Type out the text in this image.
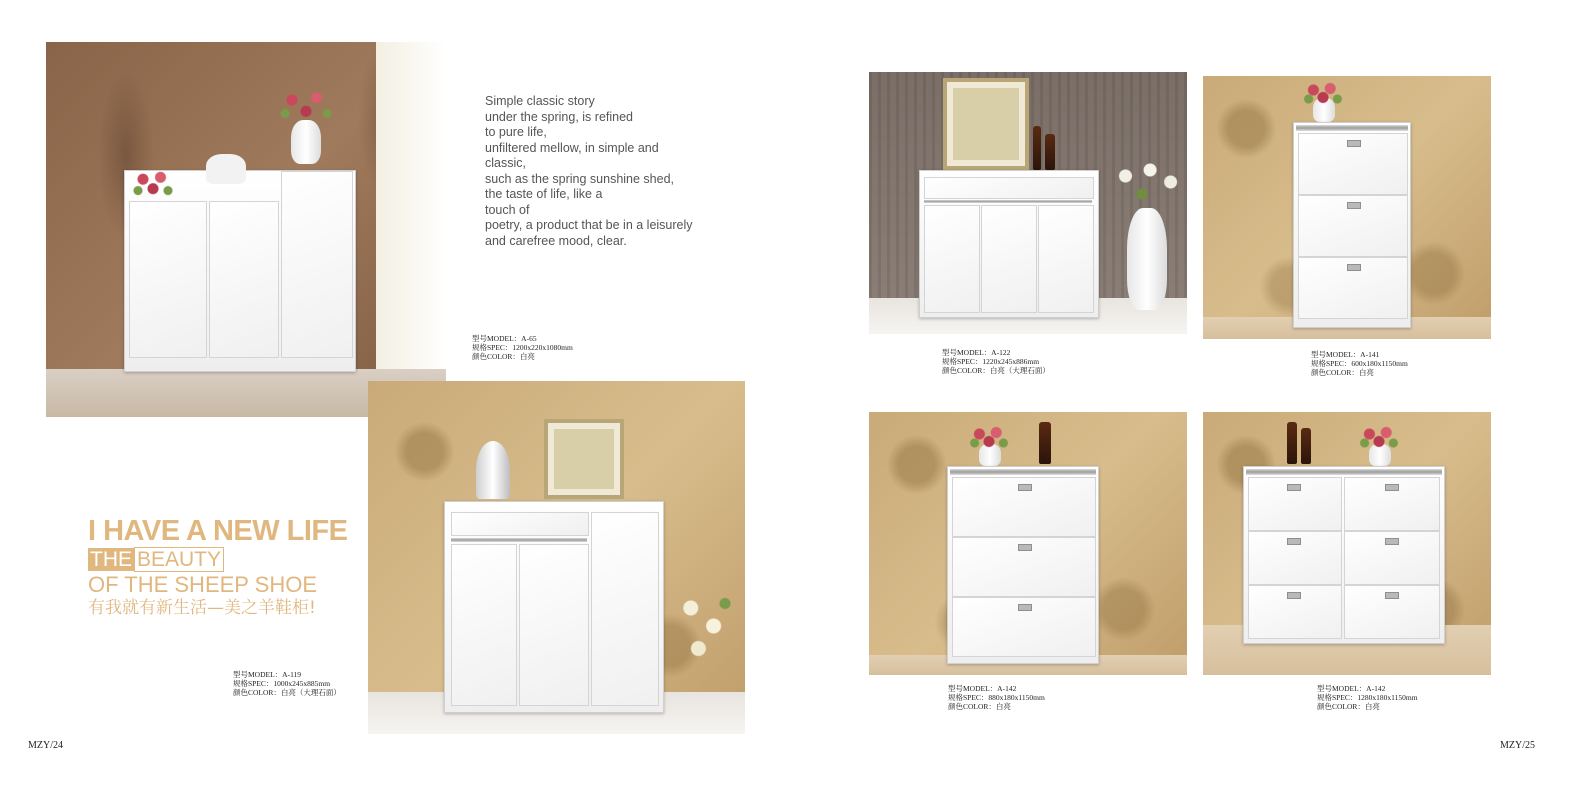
型号MODEL：A-65
规格SPEC：1200x220x1080mm
颜色COLOR：白亮
Simple classic story
under the spring, is refined
to pure life,
unfiltered mellow, in simple and
classic,
such as the spring sunshine shed,
the taste of life, like a
touch of
poetry, a product that be in a leisurely
and carefree mood, clear.
型号MODEL：A-119
规格SPEC：1000x245x885mm
颜色COLOR：白亮（大理石面）
I HAVE A NEW LIFE
THE BEAUTY
OF THE SHEEP SHOE
有我就有新生活—美之羊鞋柜!
MZY/24
型号MODEL：A-122
规格SPEC：1220x245x886mm
颜色COLOR：白亮（大理石面）
型号MODEL：A-141
规格SPEC：600x180x1150mm
颜色COLOR：白亮
型号MODEL：A-142
规格SPEC：880x180x1150mm
颜色COLOR：白亮
型号MODEL：A-142
规格SPEC：1280x180x1150mm
颜色COLOR：白亮
MZY/25
